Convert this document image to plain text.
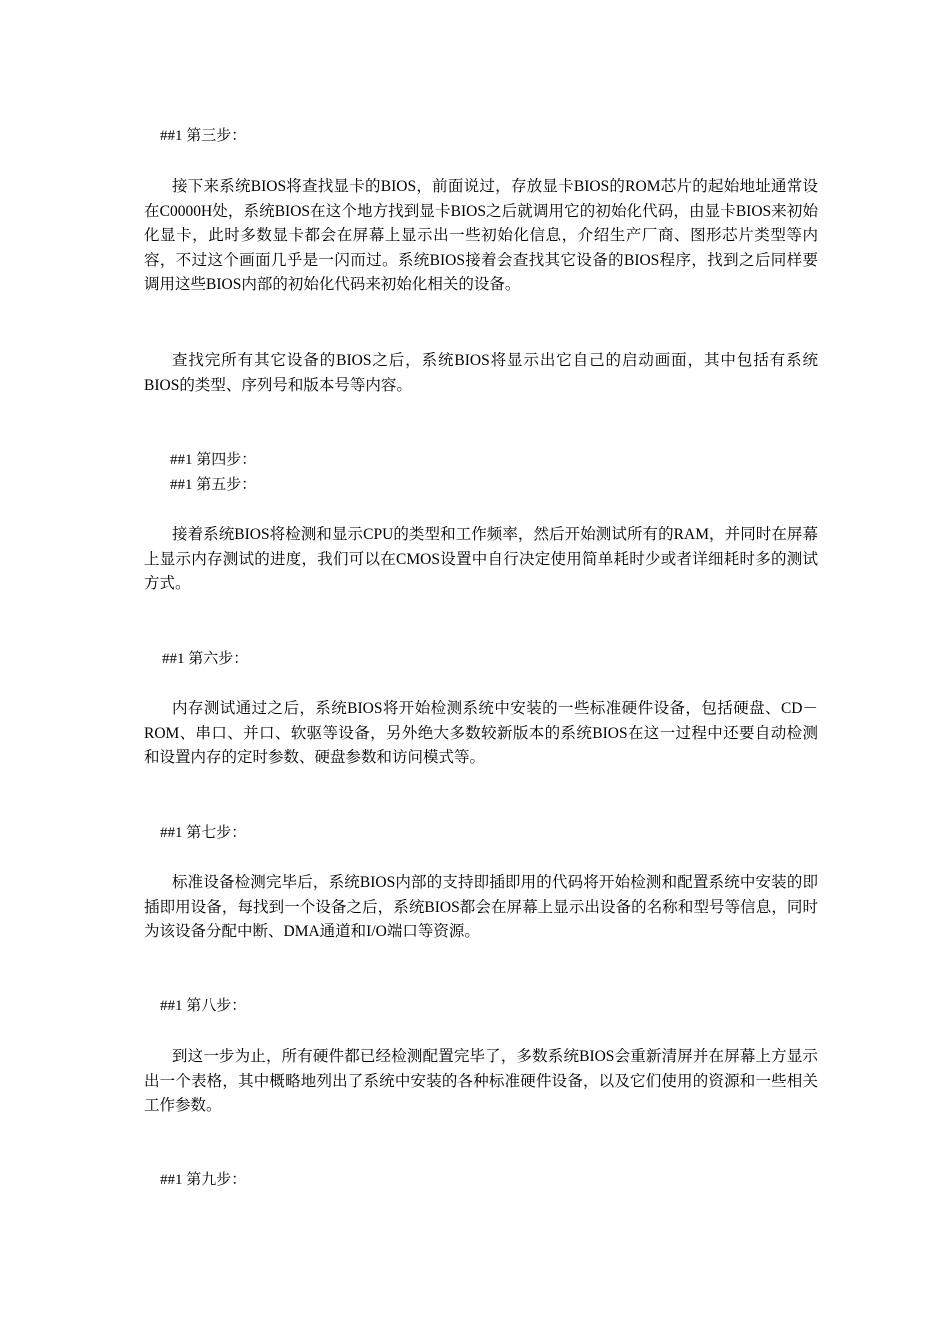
##1 第三步：
接下来系统BIOS将查找显卡的BIOS，前面说过，存放显卡BIOS的ROM芯片的起始地址通常设在C0000H处，系统BIOS在这个地方找到显卡BIOS之后就调用它的初始化代码，由显卡BIOS来初始化显卡，此时多数显卡都会在屏幕上显示出一些初始化信息，介绍生产厂商、图形芯片类型等内容，不过这个画面几乎是一闪而过。系统BIOS接着会查找其它设备的BIOS程序，找到之后同样要调用这些BIOS内部的初始化代码来初始化相关的设备。
查找完所有其它设备的BIOS之后，系统BIOS将显示出它自己的启动画面，其中包括有系统BIOS的类型、序列号和版本号等内容。
##1 第四步：
##1 第五步：
接着系统BIOS将检测和显示CPU的类型和工作频率，然后开始测试所有的RAM，并同时在屏幕上显示内存测试的进度，我们可以在CMOS设置中自行决定使用简单耗时少或者详细耗时多的测试方式。
##1 第六步：
内存测试通过之后，系统BIOS将开始检测系统中安装的一些标准硬件设备，包括硬盘、CD－ROM、串口、并口、软驱等设备，另外绝大多数较新版本的系统BIOS在这一过程中还要自动检测和设置内存的定时参数、硬盘参数和访问模式等。
##1 第七步：
标准设备检测完毕后，系统BIOS内部的支持即插即用的代码将开始检测和配置系统中安装的即插即用设备，每找到一个设备之后，系统BIOS都会在屏幕上显示出设备的名称和型号等信息，同时为该设备分配中断、DMA通道和I/O端口等资源。
##1 第八步：
到这一步为止，所有硬件都已经检测配置完毕了，多数系统BIOS会重新清屏并在屏幕上方显示出一个表格，其中概略地列出了系统中安装的各种标准硬件设备，以及它们使用的资源和一些相关工作参数。
##1 第九步：
